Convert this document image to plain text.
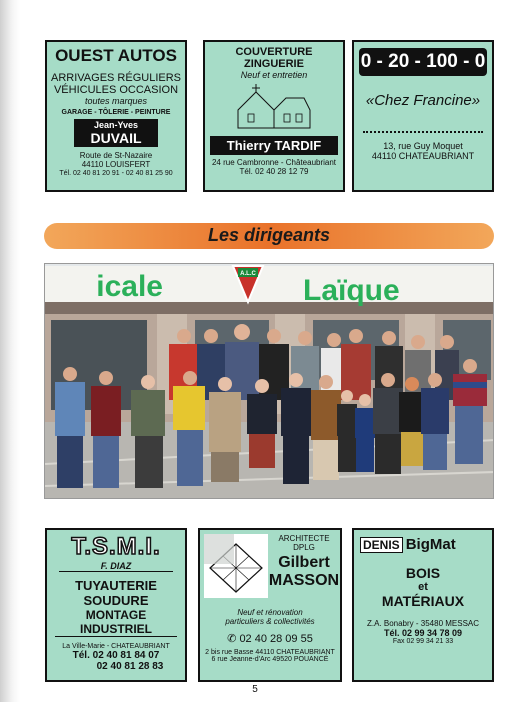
OUEST AUTOS
ARRIVAGES RÉGULIERS
VÉHICULES OCCASION
toutes marques
GARAGE - TÔLERIE - PEINTURE
Jean-Yves
DUVAIL
Route de St-Nazaire
44110 LOUISFERT
Tél. 02 40 81 20 91 - 02 40 81 25 90
COUVERTURE
ZINGUERIE
Neuf et entretien
Thierry TARDIF
24 rue Cambronne - Châteaubriant
Tél. 02 40 28 12 79
0 - 20 - 100 - 0
«Chez Francine»
13, rue Guy Moquet
44110 CHATEAUBRIANT
Les dirigeants
icale	A.L.C Laïque
T.S.M.I.
F. DIAZ
TUYAUTERIE
SOUDURE
MONTAGE INDUSTRIEL
La Ville-Marie - CHATEAUBRIANT
Tél. 02 40 81 84 07
02 40 81 28 83
ARCHITECTE
DPLG
Gilbert
MASSON
Neuf et rénovation
particuliers & collectivités
✆ 02 40 28 09 55
2 bis rue Basse 44110 CHATEAUBRIANT
6 rue Jeanne-d'Arc 49520 POUANCÉ
DENIS BigMat
BOIS
et
MATÉRIAUX
Z.A. Bonabry - 35480 MESSAC
Tél. 02 99 34 78 09
Fax 02 99 34 21 33
5
